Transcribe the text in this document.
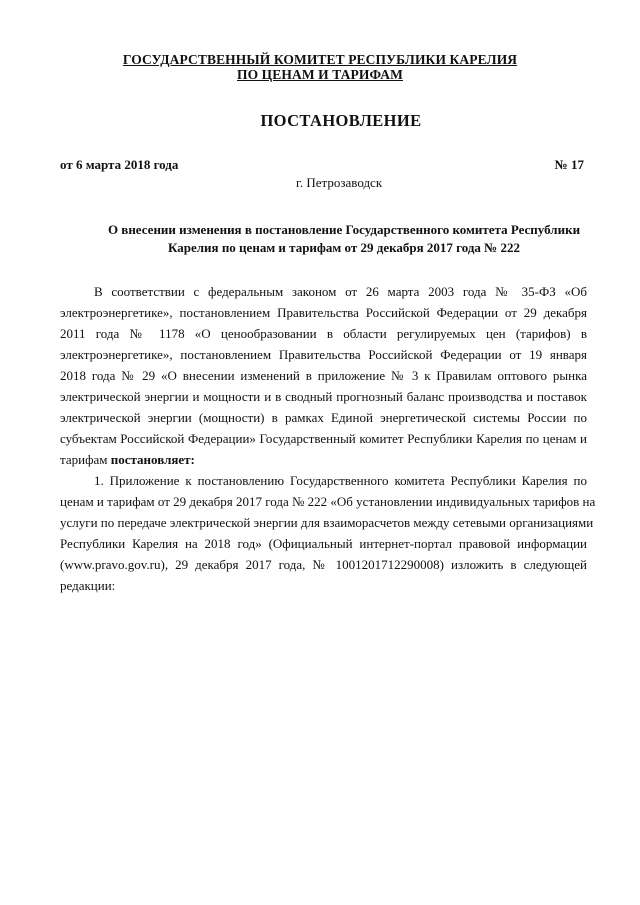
ГОСУДАРСТВЕННЫЙ КОМИТЕТ РЕСПУБЛИКИ КАРЕЛИЯ
ПО ЦЕНАМ И ТАРИФАМ
ПОСТАНОВЛЕНИЕ
от 6 марта 2018 года	№ 17
г. Петрозаводск
О внесении изменения в постановление Государственного комитета Республики
Карелия по ценам и тарифам от 29 декабря 2017 года № 222
В соответствии с федеральным законом от 26 марта 2003 года № 35-ФЗ «Об
электроэнергетике», постановлением Правительства Российской Федерации от 29 декабря
2011 года № 1178 «О ценообразовании в области регулируемых цен (тарифов) в
электроэнергетике», постановлением Правительства Российской Федерации от 19 января
2018 года № 29 «О внесении изменений в приложение № 3 к Правилам оптового рынка
электрической энергии и мощности и в сводный прогнозный баланс производства и поставок
электрической энергии (мощности) в рамках Единой энергетической системы России по
субъектам Российской Федерации» Государственный комитет Республики Карелия по ценам и
тарифам постановляет:
1. Приложение к постановлению Государственного комитета Республики Карелия по
ценам и тарифам от 29 декабря 2017 года № 222 «Об установлении индивидуальных тарифов на
услуги по передаче электрической энергии для взаиморасчетов между сетевыми организациями
Республики Карелия на 2018 год» (Официальный интернет-портал правовой информации
(www.pravo.gov.ru), 29 декабря 2017 года, № 1001201712290008) изложить в следующей
редакции:
